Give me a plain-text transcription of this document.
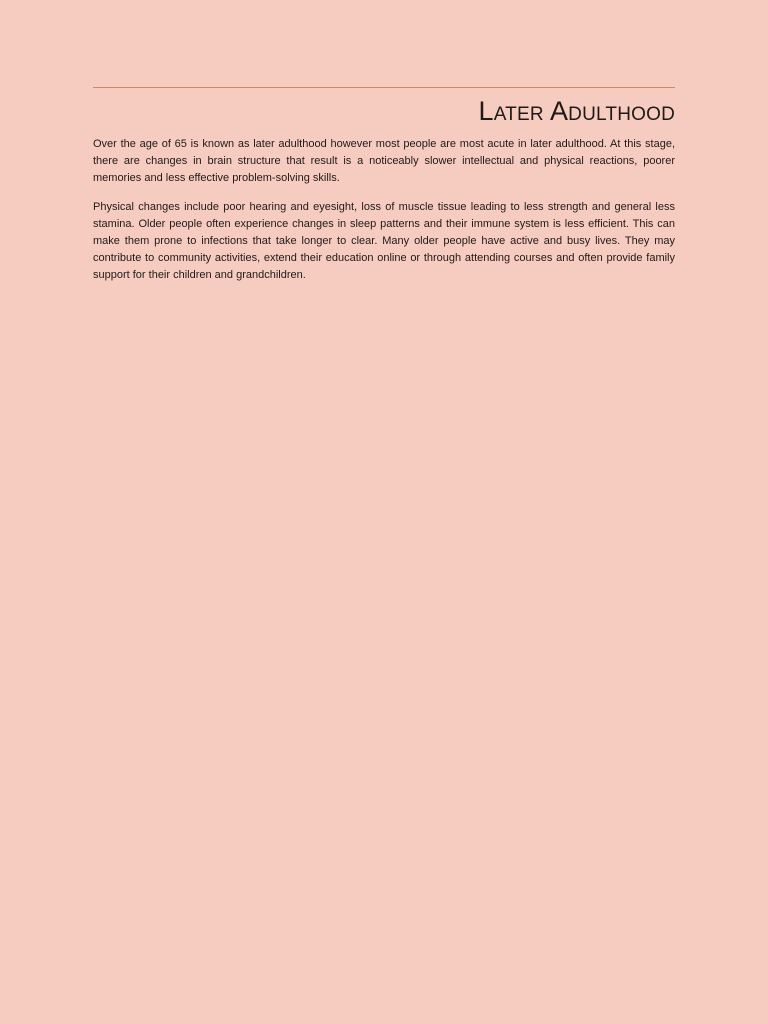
Later Adulthood

Over the age of 65 is known as later adulthood however most people are most acute in later adulthood. At this stage, there are changes in brain structure that result is a noticeably slower intellectual and physical reactions, poorer memories and less effective problem-solving skills.

Physical changes include poor hearing and eyesight, loss of muscle tissue leading to less strength and general less stamina. Older people often experience changes in sleep patterns and their immune system is less efficient. This can make them prone to infections that take longer to clear. Many older people have active and busy lives. They may contribute to community activities, extend their education online or through attending courses and often provide family support for their children and grandchildren.
